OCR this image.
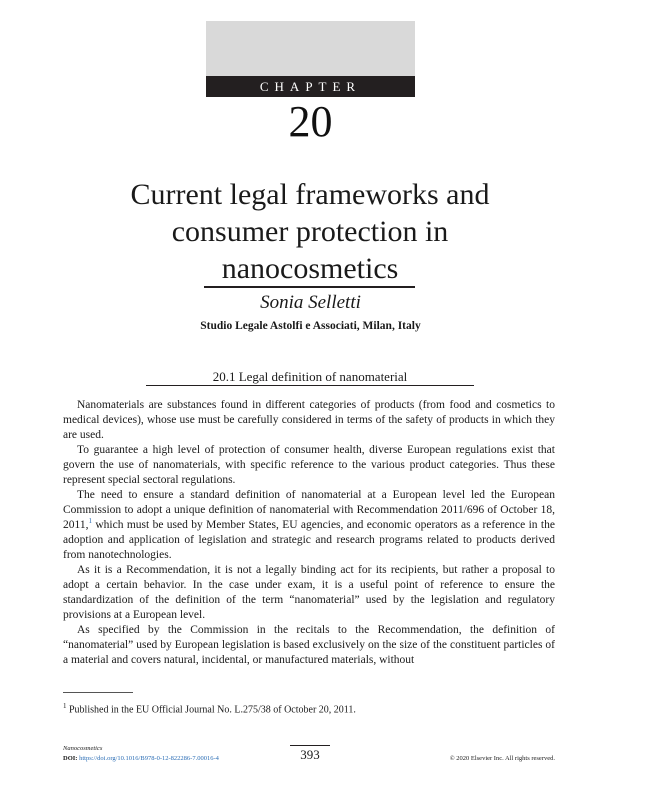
CHAPTER
20
Current legal frameworks and
consumer protection in
nanocosmetics
Sonia Selletti
Studio Legale Astolfi e Associati, Milan, Italy
20.1 Legal definition of nanomaterial

Nanomaterials are substances found in different categories of products (from food and cosmetics to medical devices), whose use must be carefully considered in terms of the safety of products in which they are used.

To guarantee a high level of protection of consumer health, diverse European regulations exist that govern the use of nanomaterials, with specific reference to the various product categories. Thus these represent special sectoral regulations.

The need to ensure a standard definition of nanomaterial at a European level led the European Commission to adopt a unique definition of nanomaterial with Recommendation 2011/696 of October 18, 2011,$^1$ which must be used by Member States, EU agencies, and economic operators as a reference in the adoption and application of legislation and strategic and research programs related to products derived from nanotechnologies.

As it is a Recommendation, it is not a legally binding act for its recipients, but rather a proposal to adopt a certain behavior. In the case under exam, it is a useful point of reference to ensure the standardization of the definition of the term “nanomaterial” used by the legislation and regulatory provisions at a European level.

As specified by the Commission in the recitals to the Recommendation, the definition of “nanomaterial” used by European legislation is based exclusively on the size of the constituent particles of a material and covers natural, incidental, or manufactured materials, without

$^1$ Published in the EU Official Journal No. L.275/38 of October 20, 2011.
Nanocosmetics
DOI: https://doi.org/10.1016/B978-0-12-822286-7.00016-4	393	© 2020 Elsevier Inc. All rights reserved.
